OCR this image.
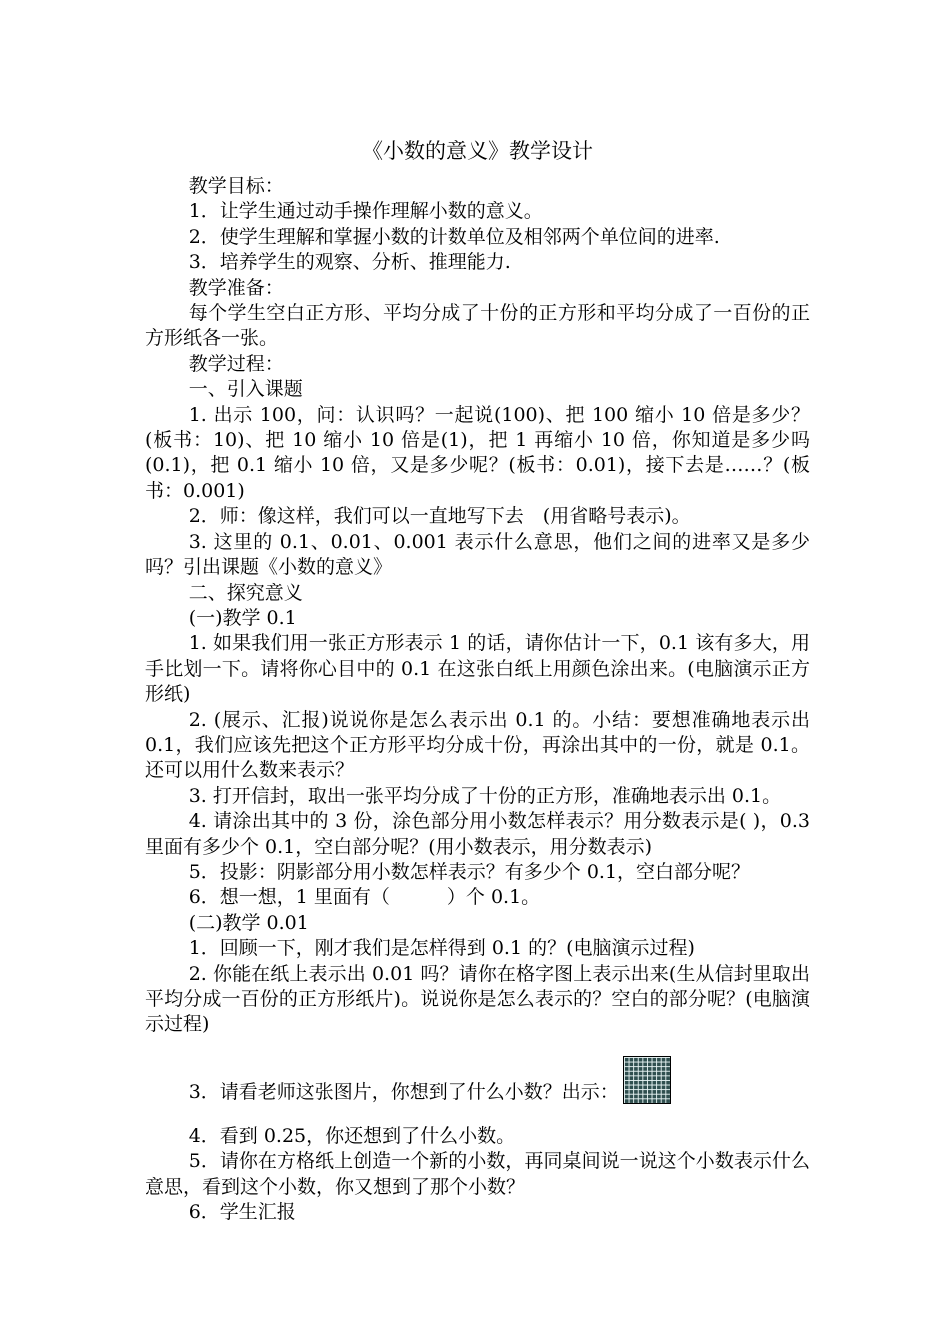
《小数的意义》教学设计

教学目标：

1．让学生通过动手操作理解小数的意义。

2．使学生理解和掌握小数的计数单位及相邻两个单位间的进率.

3．培养学生的观察、分析、推理能力.

教学准备：

每个学生空白正方形、平均分成了十份的正方形和平均分成了一百份的正方形纸各一张。

教学过程：

一、引入课题

1. 出示 100，问：认识吗？一起说(100)、把 100 缩小 10 倍是多少？(板书：10)、把 10 缩小 10 倍是(1)，把 1 再缩小 10 倍，你知道是多少吗(0.1)，把 0.1 缩小 10 倍，又是多少呢？(板书：0.01)，接下去是……？(板书：0.001)

2．师：像这样，我们可以一直地写下去　(用省略号表示)。

3. 这里的 0.1、0.01、0.001 表示什么意思，他们之间的进率又是多少吗？引出课题《小数的意义》

二、探究意义

(一)教学 0.1

1. 如果我们用一张正方形表示 1 的话，请你估计一下，0.1 该有多大，用手比划一下。请将你心目中的 0.1 在这张白纸上用颜色涂出来。(电脑演示正方形纸)

2. (展示、汇报)说说你是怎么表示出 0.1 的。小结：要想准确地表示出 0.1，我们应该先把这个正方形平均分成十份，再涂出其中的一份，就是 0.1。还可以用什么数来表示？

3. 打开信封，取出一张平均分成了十份的正方形，准确地表示出 0.1。

4. 请涂出其中的 3 份，涂色部分用小数怎样表示？用分数表示是( )，0.3 里面有多少个 0.1，空白部分呢？(用小数表示，用分数表示)

5．投影：阴影部分用小数怎样表示？有多少个 0.1，空白部分呢？

6．想一想，1 里面有（　　　）个 0.1。

(二)教学 0.01

1．回顾一下，刚才我们是怎样得到 0.1 的？(电脑演示过程)

2. 你能在纸上表示出 0.01 吗？请你在格字图上表示出来(生从信封里取出平均分成一百份的正方形纸片)。说说你是怎么表示的？空白的部分呢？(电脑演示过程)

3．请看老师这张图片，你想到了什么小数？出示：

4．看到 0.25，你还想到了什么小数。

5．请你在方格纸上创造一个新的小数，再同桌间说一说这个小数表示什么意思，看到这个小数，你又想到了那个小数？

6．学生汇报
